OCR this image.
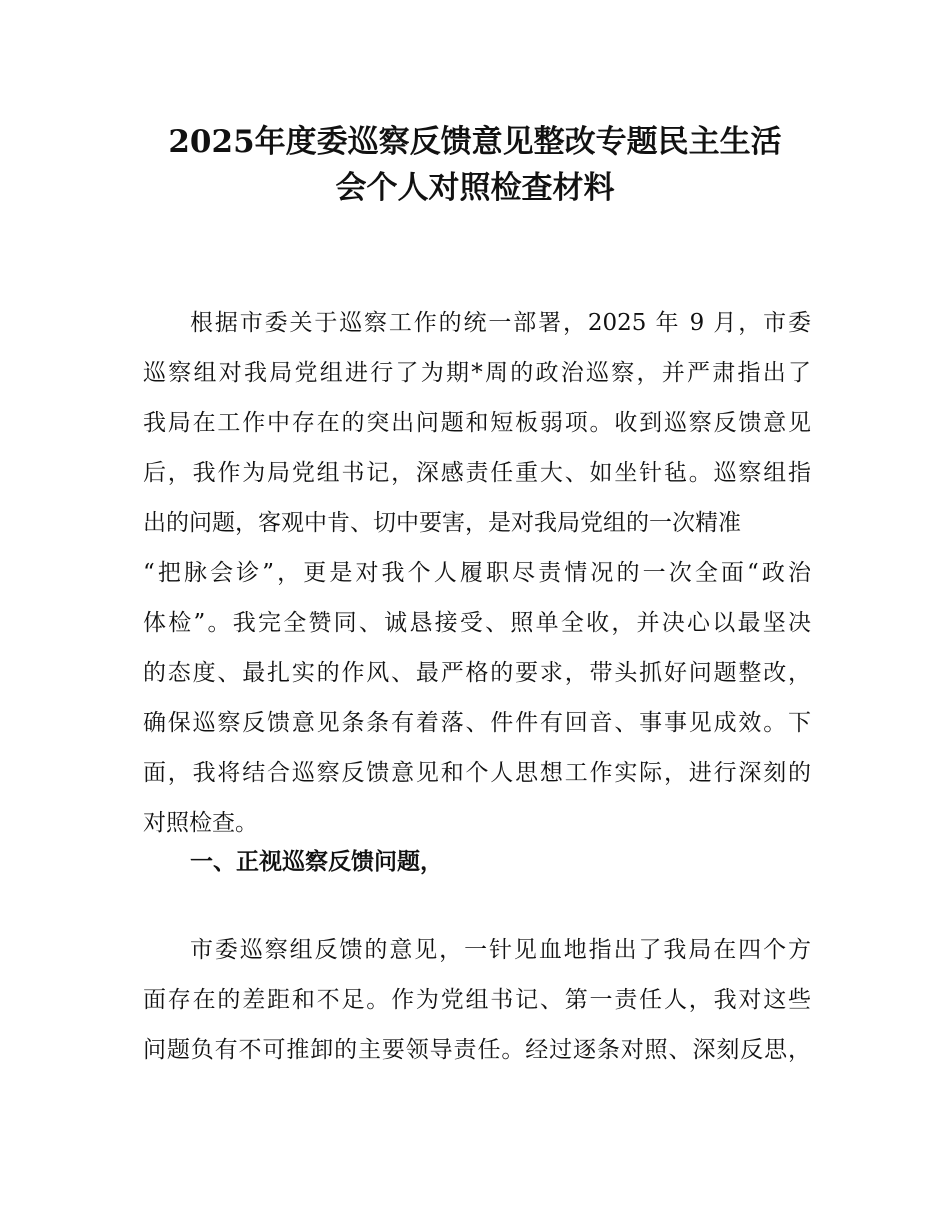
2025年度委巡察反馈意见整改专题民主生活
会个人对照检查材料
根据市委关于巡察工作的统一部署，2025 年 9 月，市委
巡察组对我局党组进行了为期*周的政治巡察，并严肃指出了
我局在工作中存在的突出问题和短板弱项。收到巡察反馈意见
后，我作为局党组书记，深感责任重大、如坐针毡。巡察组指
出的问题，客观中肯、切中要害，是对我局党组的一次精准
“把脉会诊”，更是对我个人履职尽责情况的一次全面“政治
体检”。我完全赞同、诚恳接受、照单全收，并决心以最坚决
的态度、最扎实的作风、最严格的要求，带头抓好问题整改，
确保巡察反馈意见条条有着落、件件有回音、事事见成效。下
面，我将结合巡察反馈意见和个人思想工作实际，进行深刻的
对照检查。
一、正视巡察反馈问题，
市委巡察组反馈的意见，一针见血地指出了我局在四个方
面存在的差距和不足。作为党组书记、第一责任人，我对这些
问题负有不可推卸的主要领导责任。经过逐条对照、深刻反思，
